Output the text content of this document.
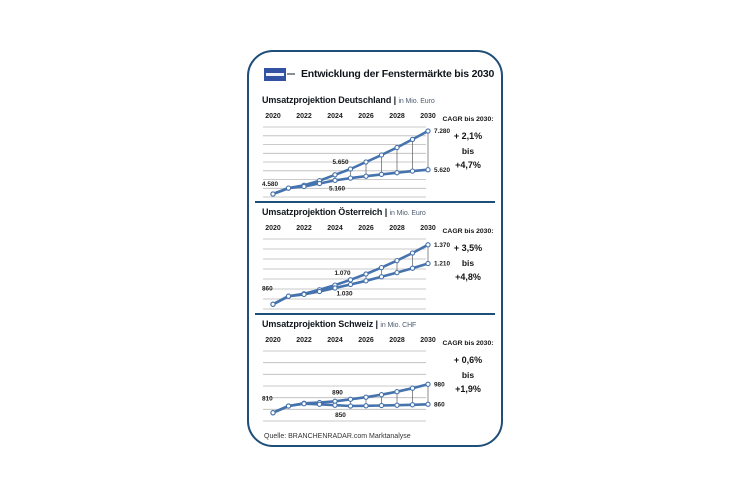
Entwicklung der Fenstermärkte bis 2030
Umsatzprojektion Deutschland | in Mio. Euro
2020 2022 2024 2026 2028 2030
4.580
5.650
5.160
7.280
5.620
CAGR bis 2030:
+ 2,1%
bis
+4,7%
Umsatzprojektion Österreich | in Mio. Euro
2020 2022 2024 2026 2028 2030
860
1.070
1.030
1.370
1.210
CAGR bis 2030:
+ 3,5%
bis
+4,8%
Umsatzprojektion Schweiz | in Mio. CHF
2020 2022 2024 2026 2028 2030
810
890
850
980
860
CAGR bis 2030:
+ 0,6%
bis
+1,9%
Quelle: BRANCHENRADAR.com Marktanalyse
